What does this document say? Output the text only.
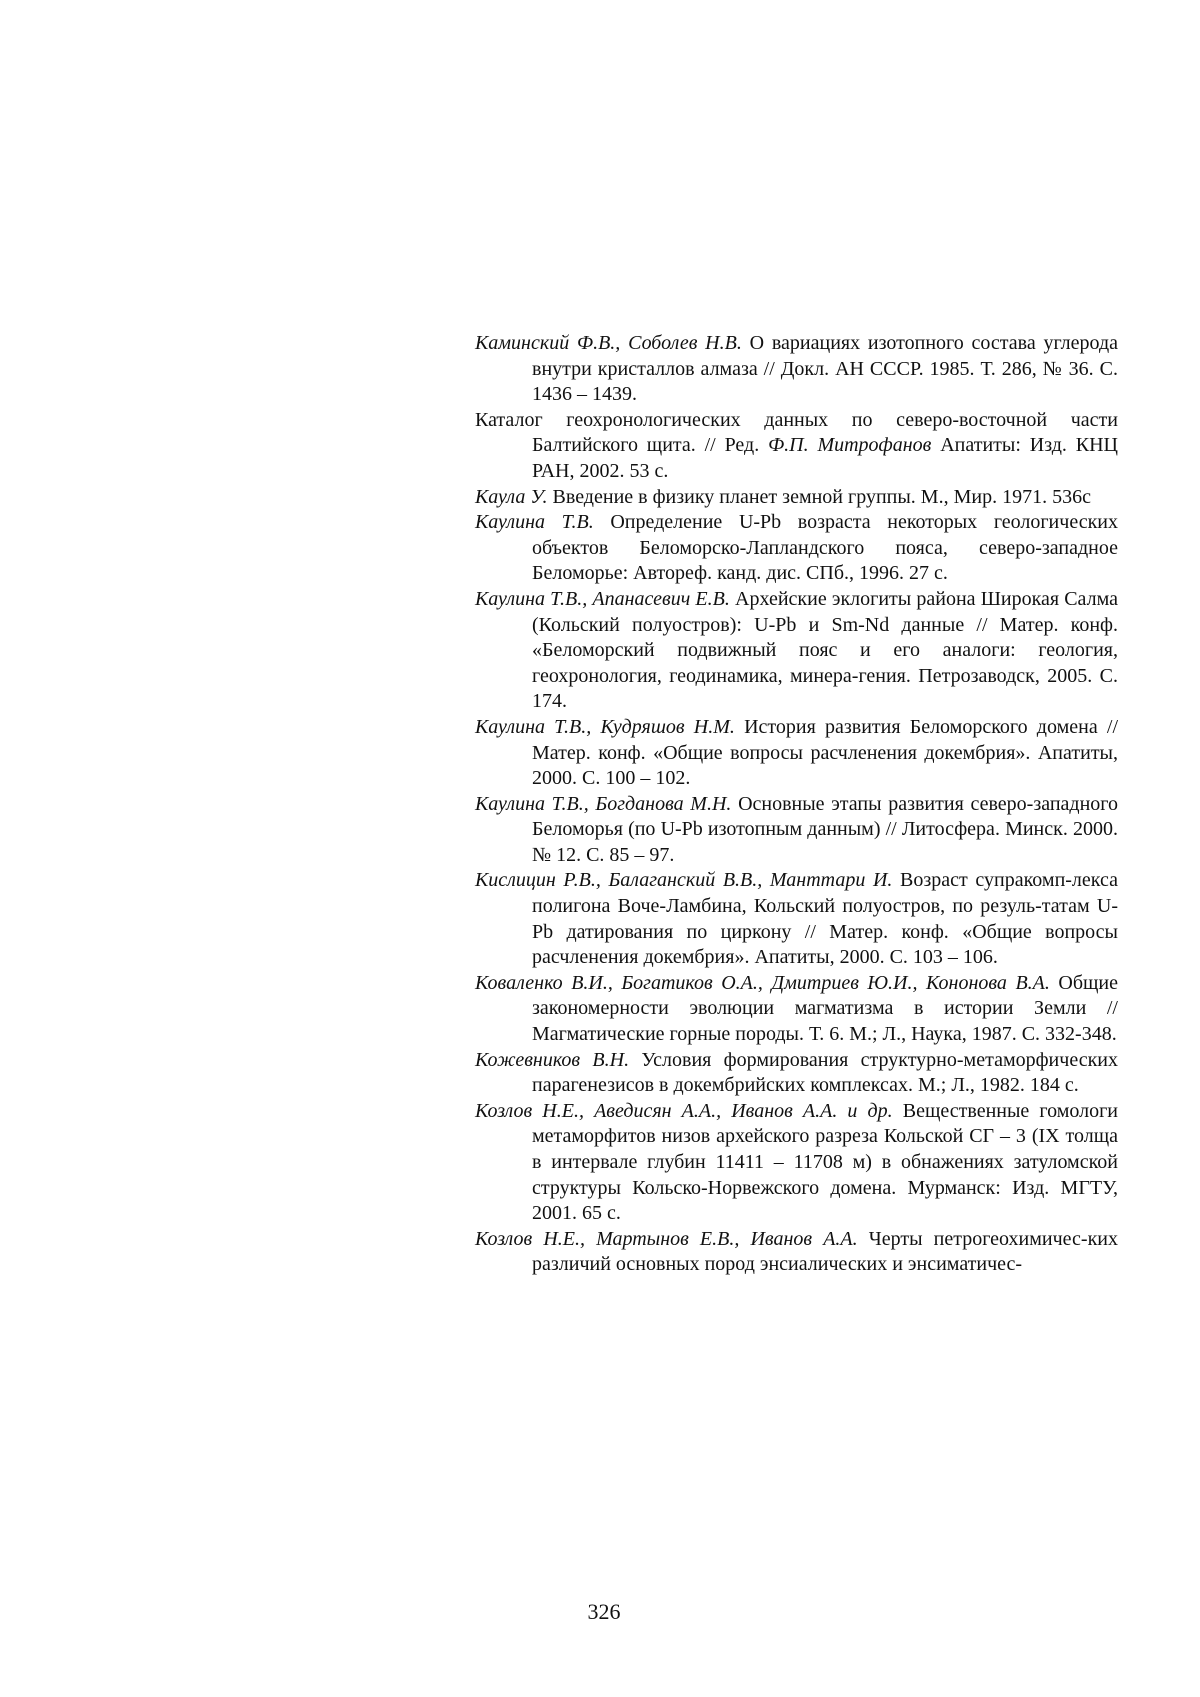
Каминский Ф.В., Соболев Н.В. О вариациях изотопного состава углерода внутри кристаллов алмаза // Докл. АН СССР. 1985. Т. 286, № 36. С. 1436 – 1439.
Каталог геохронологических данных по северо-восточной части Балтийского щита. // Ред. Ф.П. Митрофанов Апатиты: Изд. КНЦ РАН, 2002. 53 с.
Каула У. Введение в физику планет земной группы. М., Мир. 1971. 536с
Каулина Т.В. Определение U-Pb возраста некоторых геологических объектов Беломорско-Лапландского пояса, северо-западное Беломорье: Автореф. канд. дис. СПб., 1996. 27 с.
Каулина Т.В., Апанасевич Е.В. Архейские эклогиты района Широкая Салма (Кольский полуостров): U-Pb и Sm-Nd данные // Матер. конф. «Беломорский подвижный пояс и его аналоги: геология, геохронология, геодинамика, минера-гения. Петрозаводск, 2005. С. 174.
Каулина Т.В., Кудряшов Н.М. История развития Беломорского домена // Матер. конф. «Общие вопросы расчленения докембрия». Апатиты, 2000. С. 100 – 102.
Каулина Т.В., Богданова М.Н. Основные этапы развития северо-западного Беломорья (по U-Pb изотопным данным) // Литосфера. Минск. 2000. № 12. С. 85 – 97.
Кислицин Р.В., Балаганский В.В., Манттари И. Возраст супракомп-лекса полигона Воче-Ламбина, Кольский полуостров, по резуль-татам U-Pb датирования по циркону // Матер. конф. «Общие вопросы расчленения докембрия». Апатиты, 2000. С. 103 – 106.
Коваленко В.И., Богатиков О.А., Дмитриев Ю.И., Кононова В.А. Общие закономерности эволюции магматизма в истории Земли // Магматические горные породы. Т. 6. М.; Л., Наука, 1987. С. 332-348.
Кожевников В.Н. Условия формирования структурно-метаморфических парагенезисов в докембрийских комплексах. М.; Л., 1982. 184 с.
Козлов Н.Е., Аведисян А.А., Иванов А.А. и др. Вещественные гомологи метаморфитов низов архейского разреза Кольской СГ – 3 (IX толща в интервале глубин 11411 – 11708 м) в обнажениях затуломской структуры Кольско-Норвежского домена. Мурманск: Изд. МГТУ, 2001. 65 с.
Козлов Н.Е., Мартынов Е.В., Иванов А.А. Черты петрогеохимичес-ких различий основных пород энсиалических и энсиматичес-
326
